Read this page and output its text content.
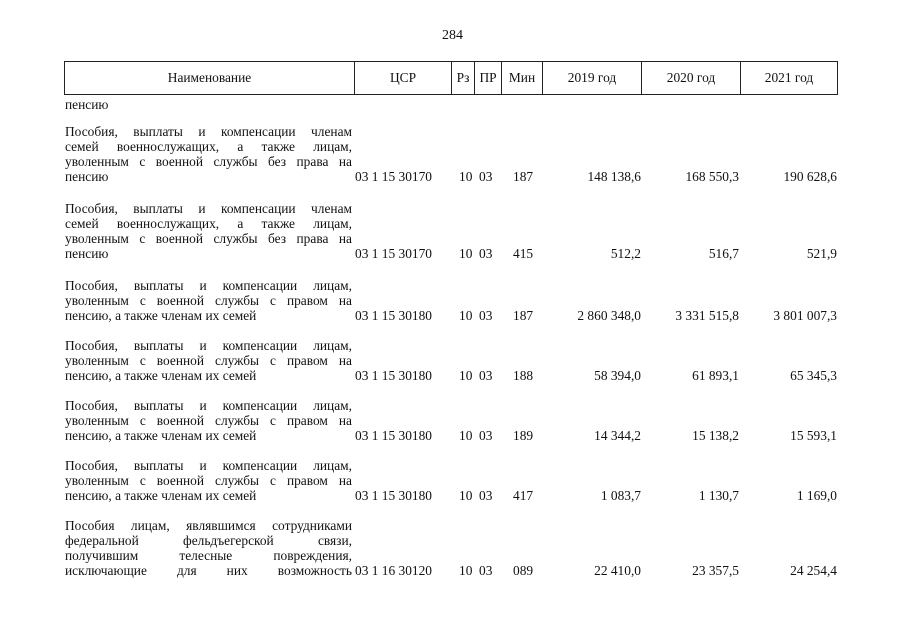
284
Наименование	ЦСР	Рз ПР Мин	2019 год	2020 год	2021 год
пенсию
Пособия, выплаты и компенсации членам
семей военнослужащих, а также лицам,
уволенным с военной службы без права на
пенсию	03 1 15 30170 10 03 187	148 138,6	168 550,3	190 628,6
Пособия, выплаты и компенсации членам
семей военнослужащих, а также лицам,
уволенным с военной службы без права на
пенсию	03 1 15 30170 10 03 415	512,2	516,7	521,9
Пособия, выплаты и компенсации лицам,
уволенным с военной службы с правом на
пенсию, а также членам их семей	03 1 15 30180 10 03 187	2 860 348,0	3 331 515,8	3 801 007,3
Пособия, выплаты и компенсации лицам,
уволенным с военной службы с правом на
пенсию, а также членам их семей	03 1 15 30180 10 03 188	58 394,0	61 893,1	65 345,3
Пособия, выплаты и компенсации лицам,
уволенным с военной службы с правом на
пенсию, а также членам их семей	03 1 15 30180 10 03 189	14 344,2	15 138,2	15 593,1
Пособия, выплаты и компенсации лицам,
уволенным с военной службы с правом на
пенсию, а также членам их семей	03 1 15 30180 10 03 417	1 083,7	1 130,7	1 169,0
Пособия лицам, являвшимся сотрудниками
федеральной фельдъегерской связи,
получившим телесные повреждения,
исключающие для них возможность 03 1 16 30120 10 03 089	22 410,0	23 357,5	24 254,4
